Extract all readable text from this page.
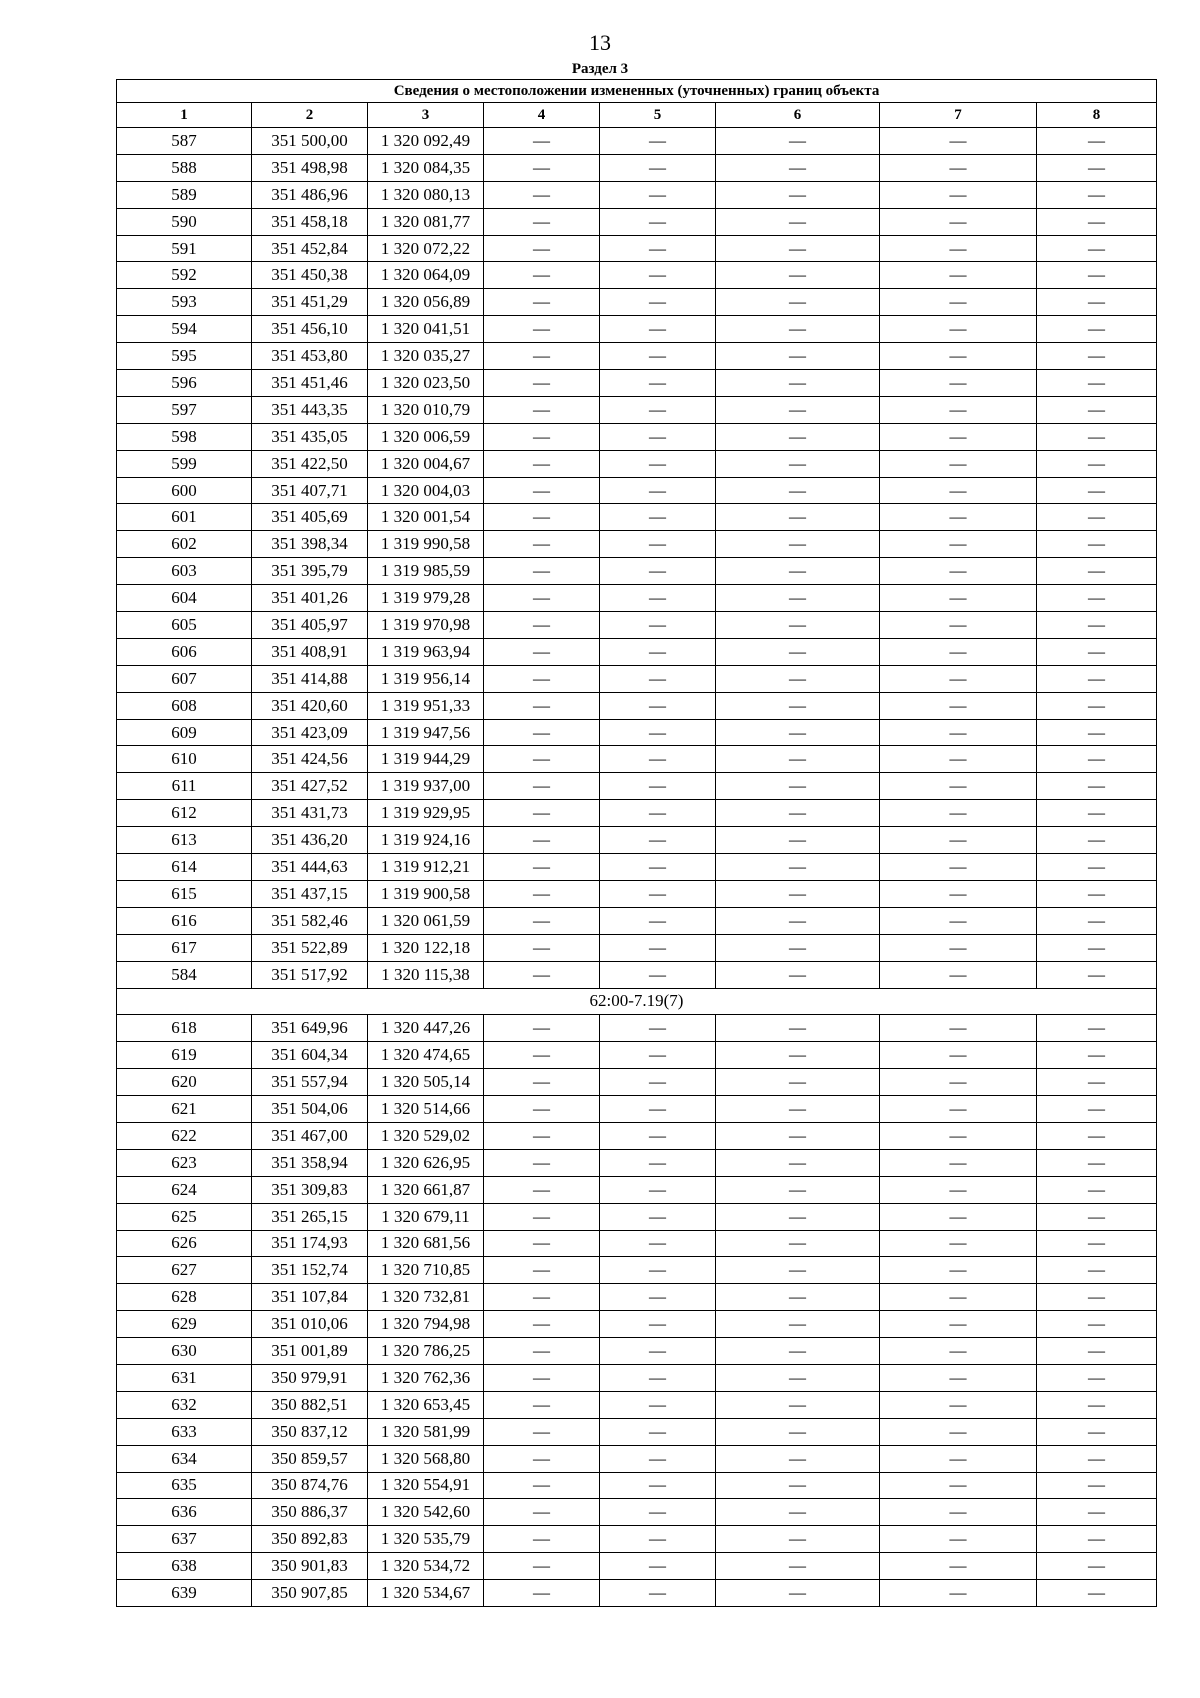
13
Раздел 3
Сведения о местоположении измененных (уточненных) границ объекта							
1	2	3	4	5	6	7	8
587	351 500,00	1 320 092,49	—	—	—	—	—
588	351 498,98	1 320 084,35	—	—	—	—	—
589	351 486,96	1 320 080,13	—	—	—	—	—
590	351 458,18	1 320 081,77	—	—	—	—	—
591	351 452,84	1 320 072,22	—	—	—	—	—
592	351 450,38	1 320 064,09	—	—	—	—	—
593	351 451,29	1 320 056,89	—	—	—	—	—
594	351 456,10	1 320 041,51	—	—	—	—	—
595	351 453,80	1 320 035,27	—	—	—	—	—
596	351 451,46	1 320 023,50	—	—	—	—	—
597	351 443,35	1 320 010,79	—	—	—	—	—
598	351 435,05	1 320 006,59	—	—	—	—	—
599	351 422,50	1 320 004,67	—	—	—	—	—
600	351 407,71	1 320 004,03	—	—	—	—	—
601	351 405,69	1 320 001,54	—	—	—	—	—
602	351 398,34	1 319 990,58	—	—	—	—	—
603	351 395,79	1 319 985,59	—	—	—	—	—
604	351 401,26	1 319 979,28	—	—	—	—	—
605	351 405,97	1 319 970,98	—	—	—	—	—
606	351 408,91	1 319 963,94	—	—	—	—	—
607	351 414,88	1 319 956,14	—	—	—	—	—
608	351 420,60	1 319 951,33	—	—	—	—	—
609	351 423,09	1 319 947,56	—	—	—	—	—
610	351 424,56	1 319 944,29	—	—	—	—	—
611	351 427,52	1 319 937,00	—	—	—	—	—
612	351 431,73	1 319 929,95	—	—	—	—	—
613	351 436,20	1 319 924,16	—	—	—	—	—
614	351 444,63	1 319 912,21	—	—	—	—	—
615	351 437,15	1 319 900,58	—	—	—	—	—
616	351 582,46	1 320 061,59	—	—	—	—	—
617	351 522,89	1 320 122,18	—	—	—	—	—
584	351 517,92	1 320 115,38	—	—	—	—	—
62:00-7.19(7)							
618	351 649,96	1 320 447,26	—	—	—	—	—
619	351 604,34	1 320 474,65	—	—	—	—	—
620	351 557,94	1 320 505,14	—	—	—	—	—
621	351 504,06	1 320 514,66	—	—	—	—	—
622	351 467,00	1 320 529,02	—	—	—	—	—
623	351 358,94	1 320 626,95	—	—	—	—	—
624	351 309,83	1 320 661,87	—	—	—	—	—
625	351 265,15	1 320 679,11	—	—	—	—	—
626	351 174,93	1 320 681,56	—	—	—	—	—
627	351 152,74	1 320 710,85	—	—	—	—	—
628	351 107,84	1 320 732,81	—	—	—	—	—
629	351 010,06	1 320 794,98	—	—	—	—	—
630	351 001,89	1 320 786,25	—	—	—	—	—
631	350 979,91	1 320 762,36	—	—	—	—	—
632	350 882,51	1 320 653,45	—	—	—	—	—
633	350 837,12	1 320 581,99	—	—	—	—	—
634	350 859,57	1 320 568,80	—	—	—	—	—
635	350 874,76	1 320 554,91	—	—	—	—	—
636	350 886,37	1 320 542,60	—	—	—	—	—
637	350 892,83	1 320 535,79	—	—	—	—	—
638	350 901,83	1 320 534,72	—	—	—	—	—
639	350 907,85	1 320 534,67	—	—	—	—	—
